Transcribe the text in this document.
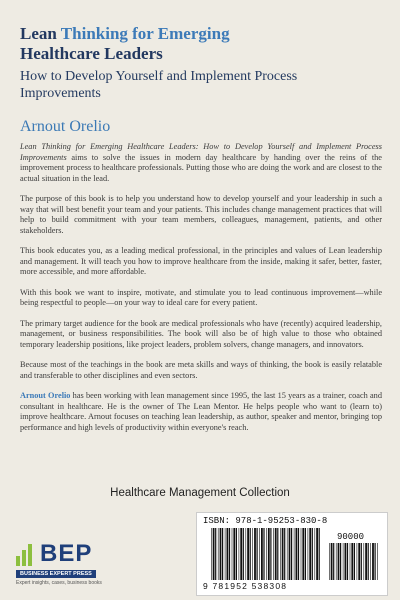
Lean Thinking for Emerging
Healthcare Leaders
How to Develop Yourself and Implement Process Improvements
Arnout Orelio

Lean Thinking for Emerging Healthcare Leaders: How to Develop Yourself and Implement Process Improvements aims to solve the issues in modern day healthcare by handing over the reins of the improvement process to healthcare professionals. Putting those who are doing the work and are closest to the actual situation in the lead.

The purpose of this book is to help you understand how to develop yourself and your leadership in such a way that will best benefit your team and your patients. This includes change management practices that will help to build commitment with your team members, colleagues, management, patients, and other stakeholders.

This book educates you, as a leading medical professional, in the principles and values of Lean leadership and management. It will teach you how to improve healthcare from the inside, making it safer, better, faster, more accessible, and more affordable.

With this book we want to inspire, motivate, and stimulate you to lead continuous improvement—while being respectful to people—on your way to ideal care for every patient.

The primary target audience for the book are medical professionals who have (recently) acquired leadership, management, or business responsibilities. The book will also be of high value to those who obtained temporary leadership positions, like project leaders, problem solvers, change managers, and innovators.

Because most of the teachings in the book are meta skills and ways of thinking, the book is easily relatable and transferable to other disciplines and even sectors.

Arnout Orelio has been working with lean management since 1995, the last 15 years as a trainer, coach and consultant in healthcare. He is the owner of The Lean Mentor. He helps people who want to (learn to) improve healthcare. Arnout focuses on teaching lean leadership, as author, speaker and mentor, bringing top performance and high levels of productivity within everyone's reach.

Healthcare Management Collection
BEP
BUSINESS EXPERT PRESS
Expert insights, cases, business books
ISBN: 978-1-95253-830-8
90000
9 781952 538308
